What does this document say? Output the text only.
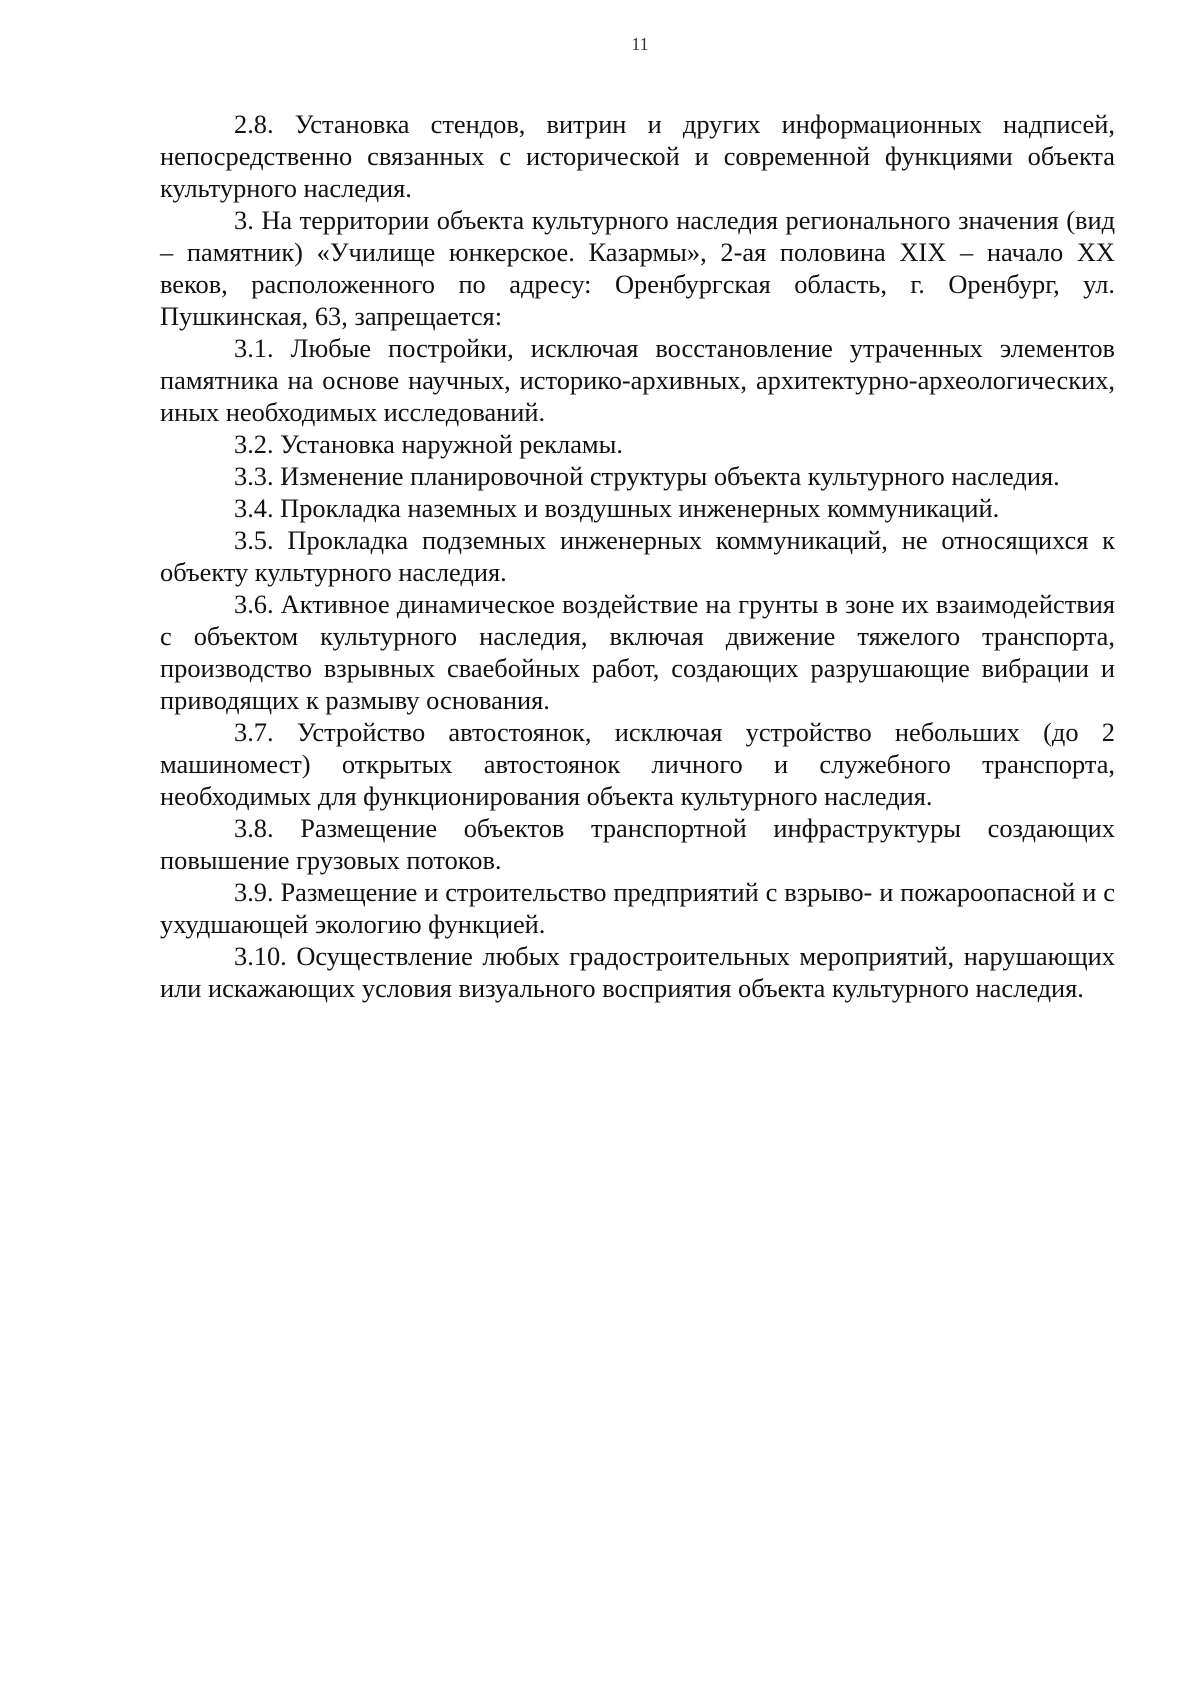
11

2.8. Установка стендов, витрин и других информационных надписей, непосредственно связанных с исторической и современной функциями объекта культурного наследия.

3. На территории объекта культурного наследия регионального значения (вид – памятник) «Училище юнкерское. Казармы», 2-ая половина XIX – начало XX веков, расположенного по адресу: Оренбургская область, г. Оренбург, ул. Пушкинская, 63, запрещается:

3.1. Любые постройки, исключая восстановление утраченных элементов памятника на основе научных, историко-архивных, архитектурно-археологических, иных необходимых исследований.

3.2. Установка наружной рекламы.

3.3. Изменение планировочной структуры объекта культурного наследия.

3.4. Прокладка наземных и воздушных инженерных коммуникаций.

3.5. Прокладка подземных инженерных коммуникаций, не относящихся к объекту культурного наследия.

3.6. Активное динамическое воздействие на грунты в зоне их взаимодействия с объектом культурного наследия, включая движение тяжелого транспорта, производство взрывных сваебойных работ, создающих разрушающие вибрации и приводящих к размыву основания.

3.7. Устройство автостоянок, исключая устройство небольших (до 2 машиномест) открытых автостоянок личного и служебного транспорта, необходимых для функционирования объекта культурного наследия.

3.8. Размещение объектов транспортной инфраструктуры создающих повышение грузовых потоков.

3.9. Размещение и строительство предприятий с взрыво- и пожароопасной и с ухудшающей экологию функцией.

3.10. Осуществление любых градостроительных мероприятий, нарушающих или искажающих условия визуального восприятия объекта культурного наследия.
